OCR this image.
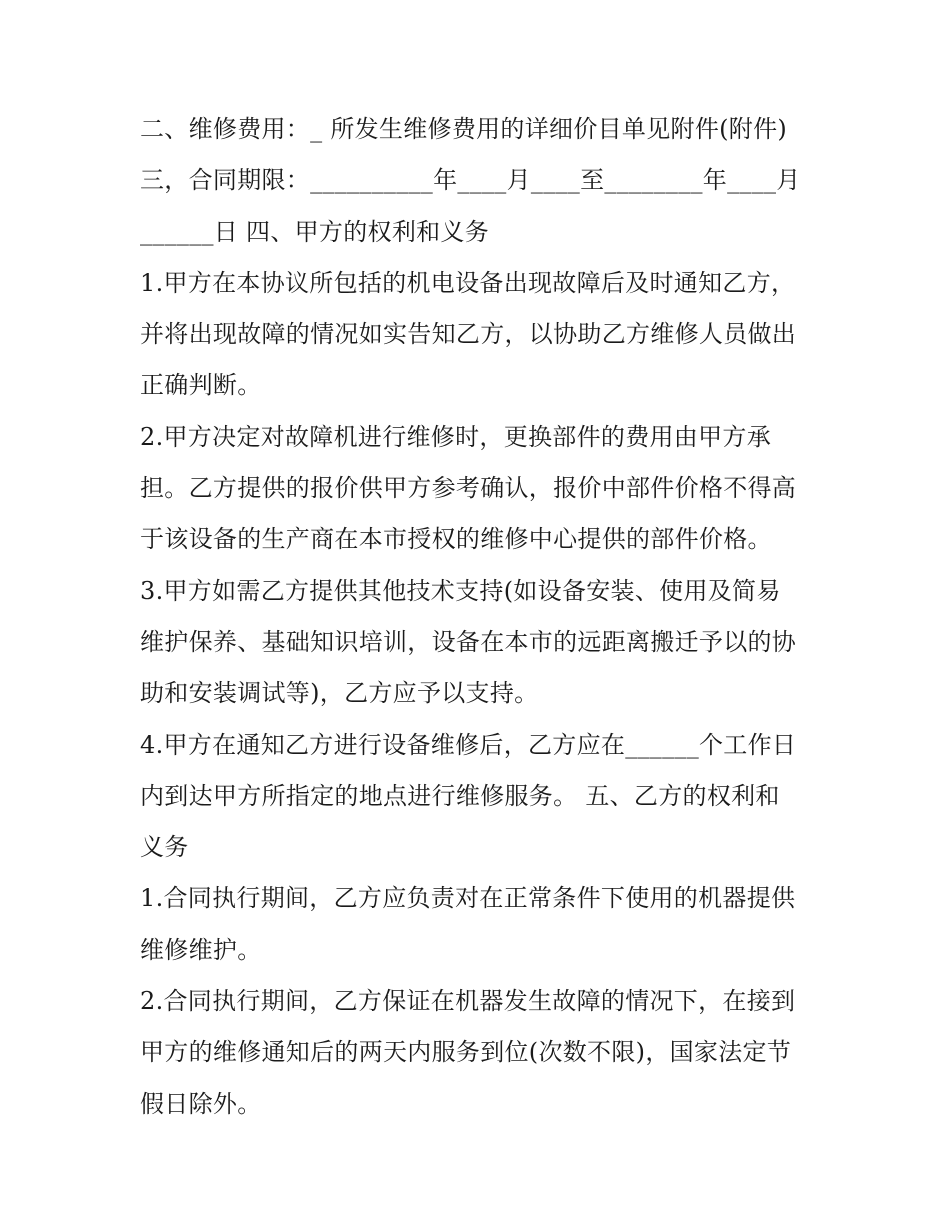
二、维修费用：_ 所发生维修费用的详细价目单见附件(附件)
三，合同期限：__________年____月____至________年____月
______日 四、甲方的权利和义务
1.甲方在本协议所包括的机电设备出现故障后及时通知乙方，
并将出现故障的情况如实告知乙方，以协助乙方维修人员做出
正确判断。
2.甲方决定对故障机进行维修时，更换部件的费用由甲方承
担。乙方提供的报价供甲方参考确认，报价中部件价格不得高
于该设备的生产商在本市授权的维修中心提供的部件价格。
3.甲方如需乙方提供其他技术支持(如设备安装、使用及简易
维护保养、基础知识培训，设备在本市的远距离搬迁予以的协
助和安装调试等)，乙方应予以支持。
4.甲方在通知乙方进行设备维修后，乙方应在______个工作日
内到达甲方所指定的地点进行维修服务。 五、乙方的权利和
义务
1.合同执行期间，乙方应负责对在正常条件下使用的机器提供
维修维护。
2.合同执行期间，乙方保证在机器发生故障的情况下，在接到
甲方的维修通知后的两天内服务到位(次数不限)，国家法定节
假日除外。
